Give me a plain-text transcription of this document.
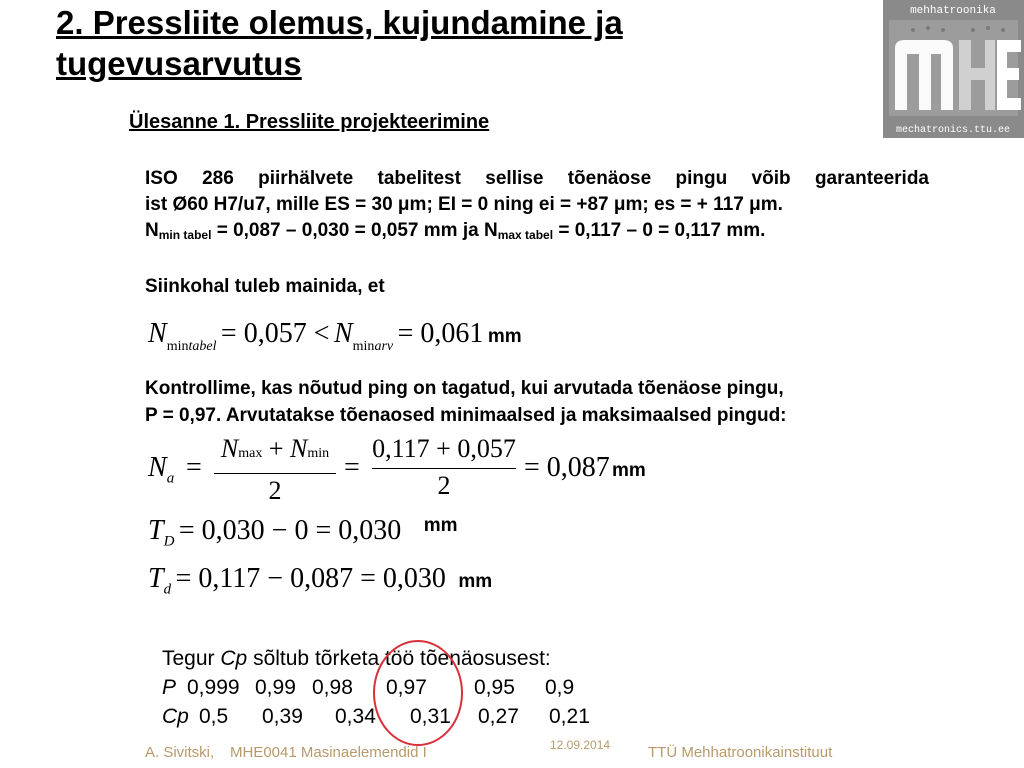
2. Pressliite olemus, kujundamine ja
tugevusarvutus
mehhatroonika
mechatronics.ttu.ee
Ülesanne 1. Pressliite projekteerimine
ISO 286 piirhälvete tabelitest sellise tõenäose pingu võib garanteerida
ist Ø60 H7/u7, mille ES = 30 μm; EI = 0 ning ei = +87 μm; es = + 117 μm.
$N_{min tabel} = 0,087 - 0,030 = 0,057$ mm ja $N_{max tabel} = 0,117 - 0 = 0,117$ mm.
Siinkohal tuleb mainida, et
Nmintabel = 0,057 < Nminarv = 0,061 mm
Kontrollime, kas nõutud ping on tagatud, kui arvutada tõenäose pingu,
P = 0,97. Arvutatakse tõenaosed minimaalsed ja maksimaalsed pingud:
$N_a$ =
Nmax + Nmin
2
=
0,117 + 0,057
2
= 0,087 mm
$T_D = 0,030 - 0 = 0,030$ mm
$T_d = 0,117 - 0,087 = 0,030$ mm
Tegur Cp sõltub tõrketa töö tõenäosusest:
P 0,999 0,99 0,98 0,97 0,95 0,9
Cp 0,5 0,39 0,34 0,31 0,27 0,21
A. Sivitski, MHE0041 Masinaelemendid I	12.09.2014	TTÜ Mehhatroonikainstituut
